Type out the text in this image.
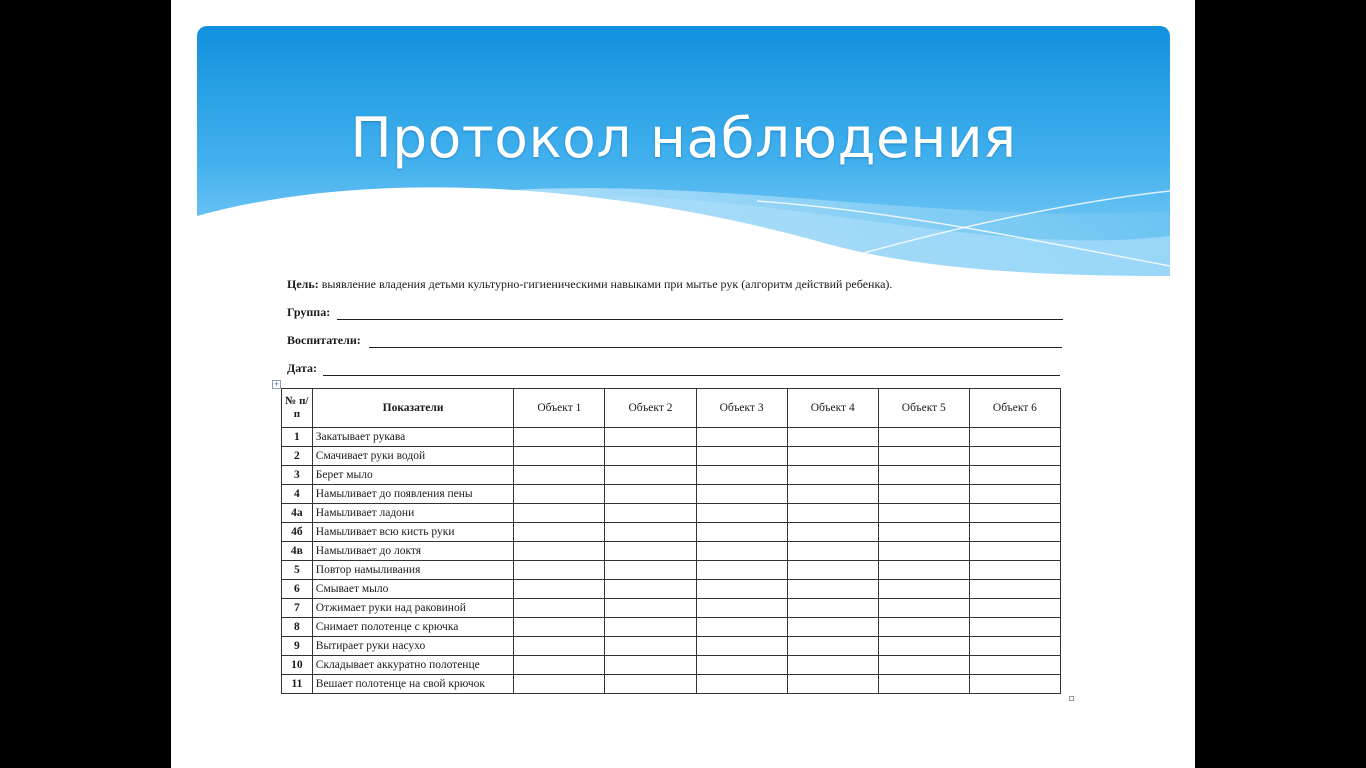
Протокол наблюдения
Цель: выявление владения детьми культурно-гигиеническими навыками при мытье рук (алгоритм действий ребенка).
Группа:
Воспитатели:
Дата:
+
№ п/п	Показатели	Объект 1	Объект 2	Объект 3	Объект 4	Объект 5	Объект 6
1	Закатывает рукава						
2	Смачивает руки водой						
3	Берет мыло						
4	Намыливает до появления пены						
4а	Намыливает ладони						
4б	Намыливает всю кисть руки						
4в	Намыливает до локтя						
5	Повтор намыливания						
6	Смывает мыло						
7	Отжимает руки над раковиной						
8	Снимает полотенце с крючка						
9	Вытирает руки насухо						
10	Складывает аккуратно полотенце						
11	Вешает полотенце на свой крючок						
